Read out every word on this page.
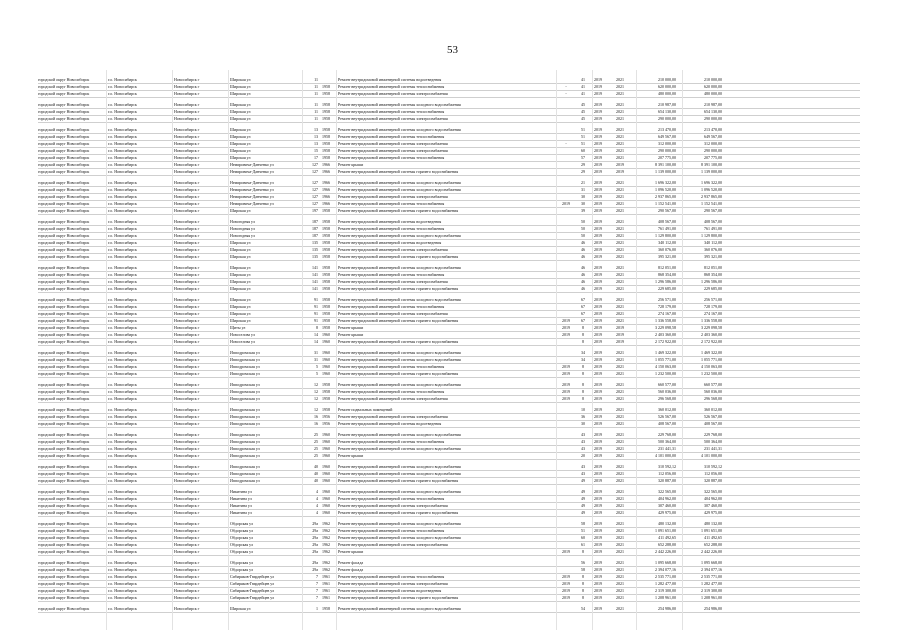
53
городской округ Новосибирск	г.о. Новосибирск	Новосибирск г	Широкая ул	11	Ремонт внутридомовой инженерной системы водоотведения	41	2019	2021	210 000,00	210 000,00
городской округ Новосибирск	г.о. Новосибирск	Новосибирск г	Широкая ул	11 1958	Ремонт внутридомовой инженерной системы теплоснабжения	-	41	2019	2021	620 000,00	620 000,00
городской округ Новосибирск	г.о. Новосибирск	Новосибирск г	Широкая ул	11 1958	Ремонт внутридомовой инженерной системы электроснабжения	-	41	2019	2021	480 000,00	480 000,00
городской округ Новосибирск	г.о. Новосибирск	Новосибирск г	Широкая ул	11 1958	Ремонт внутридомовой инженерной системы холодного водоснабжения	45	2019	2021	210 987,00	210 987,00
городской округ Новосибирск	г.о. Новосибирск	Новосибирск г	Широкая ул	11 1958	Ремонт внутридомовой инженерной системы теплоснабжения	45	2019	2021	654 130,00	654 130,00
городской округ Новосибирск	г.о. Новосибирск	Новосибирск г	Широкая ул	11 1958	Ремонт внутридомовой инженерной системы электроснабжения	45	2019	2021	290 000,00	290 000,00
городской округ Новосибирск	г.о. Новосибирск	Новосибирск г	Широкая ул	13 1958	Ремонт внутридомовой инженерной системы холодного водоснабжения	51	2019	2021	213 470,00	213 470,00
городской округ Новосибирск	г.о. Новосибирск	Новосибирск г	Широкая ул	13 1958	Ремонт внутридомовой инженерной системы теплоснабжения	51	2019	2021	649 567,00	649 567,00
городской округ Новосибирск	г.о. Новосибирск	Новосибирск г	Широкая ул	13 1958	Ремонт внутридомовой инженерной системы электроснабжения	-	51	2019	2021	312 000,00	312 000,00
городской округ Новосибирск	г.о. Новосибирск	Новосибирск г	Широкая ул	15 1958	Ремонт внутридомовой инженерной системы электроснабжения	60	2019	2021	290 000,00	290 000,00
городской округ Новосибирск	г.о. Новосибирск	Новосибирск г	Широкая ул	17 1958	Ремонт внутридомовой инженерной системы теплоснабжения	57	2019	2021	207 775,00	207 775,00
городской округ Новосибирск	г.о. Новосибирск	Новосибирск г	Немировича-Данченко ул	127 1966	Ремонт крыши	29	2019	2019	8 391 100,00	8 391 100,00
городской округ Новосибирск	г.о. Новосибирск	Новосибирск г	Немировича-Данченко ул	127 1966	Ремонт внутридомовой инженерной системы горячего водоснабжения	29	2019	2019	1 139 000,00	1 139 000,00
городской округ Новосибирск	г.о. Новосибирск	Новосибирск г	Немировича-Данченко ул	127 1966	Ремонт внутридомовой инженерной системы холодного водоснабжения	21	2019	2021	1 696 322,00	1 696 322,00
городской округ Новосибирск	г.о. Новосибирск	Новосибирск г	Немировича-Данченко ул	127 1966	Ремонт внутридомовой инженерной системы холодного водоснабжения	31	2019	2021	1 096 520,00	1 096 520,00
городской округ Новосибирск	г.о. Новосибирск	Новосибирск г	Немировича-Данченко ул	127 1966	Ремонт внутридомовой инженерной системы электроснабжения	30	2019	2021	2 937 865,00	2 937 865,00
городской округ Новосибирск	г.о. Новосибирск	Новосибирск г	Немировича-Данченко ул	127 1966	Ремонт внутридомовой инженерной системы теплоснабжения	2019	30	2019	2021	1 152 541,00	1 152 541,00
городской округ Новосибирск	г.о. Новосибирск	Новосибирск г	Широкая ул	197 1958	Ремонт внутридомовой инженерной системы горячего водоснабжения	39	2019	2021	290 567,00	290 567,00
городской округ Новосибирск	г.о. Новосибирск	Новосибирск г	Новогодняя ул	187 1958	Ремонт внутридомовой инженерной системы водоотведения	50	2019	2021	408 567,00	408 567,00
городской округ Новосибирск	г.о. Новосибирск	Новосибирск г	Новогодняя ул	187 1958	Ремонт внутридомовой инженерной системы теплоснабжения	50	2019	2021	761 491,00	761 491,00
городской округ Новосибирск	г.о. Новосибирск	Новосибирск г	Новогодняя ул	187 1958	Ремонт внутридомовой инженерной системы холодного водоснабжения	50	2019	2021	1 129 800,00	1 129 800,00
городской округ Новосибирск	г.о. Новосибирск	Новосибирск г	Широкая ул	135 1958	Ремонт внутридомовой инженерной системы водоотведения	46	2019	2021	340 112,00	340 112,00
городской округ Новосибирск	г.о. Новосибирск	Новосибирск г	Широкая ул	135 1958	Ремонт внутридомовой инженерной системы электроснабжения	46	2019	2021	360 076,00	360 076,00
городской округ Новосибирск	г.о. Новосибирск	Новосибирск г	Широкая ул	135 1958	Ремонт внутридомовой инженерной системы горячего водоснабжения	46	2019	2021	395 321,00	395 321,00
городской округ Новосибирск	г.о. Новосибирск	Новосибирск г	Широкая ул	141 1958	Ремонт внутридомовой инженерной системы холодного водоснабжения	46	2019	2021	812 051,00	812 051,00
городской округ Новосибирск	г.о. Новосибирск	Новосибирск г	Широкая ул	141 1958	Ремонт внутридомовой инженерной системы теплоснабжения	46	2019	2021	868 354,00	868 354,00
городской округ Новосибирск	г.о. Новосибирск	Новосибирск г	Широкая ул	141 1958	Ремонт внутридомовой инженерной системы электроснабжения	46	2019	2021	1 296 586,00	1 296 586,00
городской округ Новосибирск	г.о. Новосибирск	Новосибирск г	Широкая ул	141 1958	Ремонт внутридомовой инженерной системы горячего водоснабжения	46	2019	2021	229 685,00	229 685,00
городской округ Новосибирск	г.о. Новосибирск	Новосибирск г	Широкая ул	91 1958	Ремонт внутридомовой инженерной системы холодного водоснабжения	67	2019	2021	256 571,00	256 571,00
городской округ Новосибирск	г.о. Новосибирск	Новосибирск г	Широкая ул	91 1958	Ремонт внутридомовой инженерной системы теплоснабжения	67	2019	2021	728 179,00	728 179,00
городской округ Новосибирск	г.о. Новосибирск	Новосибирск г	Широкая ул	91 1958	Ремонт внутридомовой инженерной системы электроснабжения	67	2019	2021	274 167,00	274 167,00
городской округ Новосибирск	г.о. Новосибирск	Новосибирск г	Широкая ул	91 1958	Ремонт внутридомовой инженерной системы горячего водоснабжения	2019	67	2019	2021	1 336 558,00	1 336 558,00
городской округ Новосибирск	г.о. Новосибирск	Новосибирск г	Щиты ул	8 1958	Ремонт крыши	2019	8	2019	2019	3 229 098,58	3 229 098,58
городской округ Новосибирск	г.о. Новосибирск	Новосибирск г	Новоселова ул	14 1960	Ремонт крыши	2019	8	2019	2019	2 403 360,00	2 403 360,00
городской округ Новосибирск	г.о. Новосибирск	Новосибирск г	Новоселова ул	14 1960	Ремонт внутридомовой инженерной системы горячего водоснабжения	8	2019	2019	2 172 922,00	2 172 922,00
городской округ Новосибирск	г.о. Новосибирск	Новосибирск г	Ипподромская ул	31 1960	Ремонт внутридомовой инженерной системы холодного водоснабжения	34	2019	2021	1 469 322,00	1 469 322,00
городской округ Новосибирск	г.о. Новосибирск	Новосибирск г	Ипподромская ул	31 1960	Ремонт внутридомовой инженерной системы холодного водоснабжения	34	2019	2021	1 055 771,00	1 055 771,00
городской округ Новосибирск	г.о. Новосибирск	Новосибирск г	Ипподромская ул	5 1960	Ремонт внутридомовой инженерной системы теплоснабжения	2019	8	2019	2021	4 150 063,00	4 150 063,00
городской округ Новосибирск	г.о. Новосибирск	Новосибирск г	Ипподромская ул	5 1960	Ремонт внутридомовой инженерной системы горячего водоснабжения	2019	8	2019	2021	1 232 500,00	1 232 500,00
городской округ Новосибирск	г.о. Новосибирск	Новосибирск г	Ипподромская ул	12 1958	Ремонт внутридомовой инженерной системы холодного водоснабжения	2019	8	2019	2021	660 577,00	660 577,00
городской округ Новосибирск	г.о. Новосибирск	Новосибирск г	Ипподромская ул	12 1958	Ремонт внутридомовой инженерной системы теплоснабжения	2019	8	2019	2021	560 036,00	560 036,00
городской округ Новосибирск	г.о. Новосибирск	Новосибирск г	Ипподромская ул	12 1958	Ремонт внутридомовой инженерной системы электроснабжения	2019	8	2019	2021	296 568,00	296 568,00
городской округ Новосибирск	г.о. Новосибирск	Новосибирск г	Ипподромская ул	12 1958	Ремонт подвальных помещений	10	2019	2021	360 012,00	360 012,00
городской округ Новосибирск	г.о. Новосибирск	Новосибирск г	Ипподромская ул	16 1956	Ремонт внутридомовой инженерной системы электроснабжения	36	2019	2021	526 567,00	526 567,00
городской округ Новосибирск	г.о. Новосибирск	Новосибирск г	Ипподромская ул	16 1956	Ремонт внутридомовой инженерной системы водоотведения	30	2019	2021	408 567,00	408 567,00
городской округ Новосибирск	г.о. Новосибирск	Новосибирск г	Ипподромская ул	25 1960	Ремонт внутридомовой инженерной системы холодного водоснабжения	43	2019	2021	229 768,00	229 768,00
городской округ Новосибирск	г.о. Новосибирск	Новосибирск г	Ипподромская ул	25 1960	Ремонт внутридомовой инженерной системы теплоснабжения	43	2019	2021	500 364,00	500 364,00
городской округ Новосибирск	г.о. Новосибирск	Новосибирск г	Ипподромская ул	25 1960	Ремонт внутридомовой инженерной системы холодного водоснабжения	43	2019	2021	231 441,31	231 441,31
городской округ Новосибирск	г.о. Новосибирск	Новосибирск г	Ипподромская ул	25 1960	Ремонт крыши	20	2019	2021	4 101 000,00	4 101 000,00
городской округ Новосибирск	г.о. Новосибирск	Новосибирск г	Ипподромская ул	40 1960	Ремонт внутридомовой инженерной системы холодного водоснабжения	43	2019	2021	310 592,12	310 592,12
городской округ Новосибирск	г.о. Новосибирск	Новосибирск г	Ипподромская ул	40 1960	Ремонт внутридомовой инженерной системы холодного водоснабжения	43	2019	2021	112 056,00	112 056,00
городской округ Новосибирск	г.о. Новосибирск	Новосибирск г	Ипподромская ул	40 1960	Ремонт внутридомовой инженерной системы горячего водоснабжения	49	2019	2021	320 887,00	320 887,00
городской округ Новосибирск	г.о. Новосибирск	Новосибирск г	Никитина ул	4 1960	Ремонт внутридомовой инженерной системы холодного водоснабжения	49	2019	2021	322 565,00	322 565,00
городской округ Новосибирск	г.о. Новосибирск	Новосибирск г	Никитина ул	4 1960	Ремонт внутридомовой инженерной системы теплоснабжения	49	2019	2021	404 962,00	404 962,00
городской округ Новосибирск	г.о. Новосибирск	Новосибирск г	Никитина ул	4 1960	Ремонт внутридомовой инженерной системы электроснабжения	49	2019	2021	307 460,00	307 460,00
городской округ Новосибирск	г.о. Новосибирск	Новосибирск г	Никитина ул	4 1960	Ремонт внутридомовой инженерной системы горячего водоснабжения	49	2019	2021	429 975,00	429 975,00
городской округ Новосибирск	г.о. Новосибирск	Новосибирск г	Обдорская ул	29а 1962	Ремонт внутридомовой инженерной системы холодного водоснабжения	58	2019	2021	480 132,00	480 132,00
городской округ Новосибирск	г.о. Новосибирск	Новосибирск г	Обдорская ул	29а 1962	Ремонт внутридомовой инженерной системы теплоснабжения	51	2019	2021	1 091 651,00	1 091 651,00
городской округ Новосибирск	г.о. Новосибирск	Новосибирск г	Обдорская ул	29а 1962	Ремонт внутридомовой инженерной системы холодного водоснабжения	60	2019	2021	411 492,65	411 492,65
городской округ Новосибирск	г.о. Новосибирск	Новосибирск г	Обдорская ул	29а 1962	Ремонт внутридомовой инженерной системы электроснабжения	61	2019	2021	652 288,00	652 288,00
городской округ Новосибирск	г.о. Новосибирск	Новосибирск г	Обдорская ул	29а 1962	Ремонт крыши	2019	8	2019	2021	2 442 226,00	2 442 226,00
городской округ Новосибирск	г.о. Новосибирск	Новосибирск г	Обдорская ул	29а 1962	Ремонт фасада	56	2019	2021	1 095 668,00	1 095 668,00
городской округ Новосибирск	г.о. Новосибирск	Новосибирск г	Обдорская ул	29а 1962	Ремонт фасада	58	2019	2021	2 394 077,16	2 394 077,16
городской округ Новосибирск	г.о. Новосибирск	Новосибирск г	Сибиряков-Гвардейцев ул	7 1961	Ремонт внутридомовой инженерной системы теплоснабжения	2019	8	2019	2021	2 535 771,00	2 535 771,00
городской округ Новосибирск	г.о. Новосибирск	Новосибирск г	Сибиряков-Гвардейцев ул	7 1961	Ремонт внутридомовой инженерной системы электроснабжения	2019	8	2019	2021	1 282 477,00	1 282 477,00
городской округ Новосибирск	г.о. Новосибирск	Новосибирск г	Сибиряков-Гвардейцев ул	7 1961	Ремонт внутридомовой инженерной системы водоотведения	2019	8	2019	2021	2 319 300,00	2 319 300,00
городской округ Новосибирск	г.о. Новосибирск	Новосибирск г	Сибиряков-Гвардейцев ул	7 1961	Ремонт внутридомовой инженерной системы горячего водоснабжения	2019	8	2019	2021	1 208 961,00	1 208 961,00
городской округ Новосибирск	г.о. Новосибирск	Новосибирск г	Широкая ул	1 1958	Ремонт внутридомовой инженерной системы холодного водоснабжения	54	2019	2021	254 986,00	254 986,00
